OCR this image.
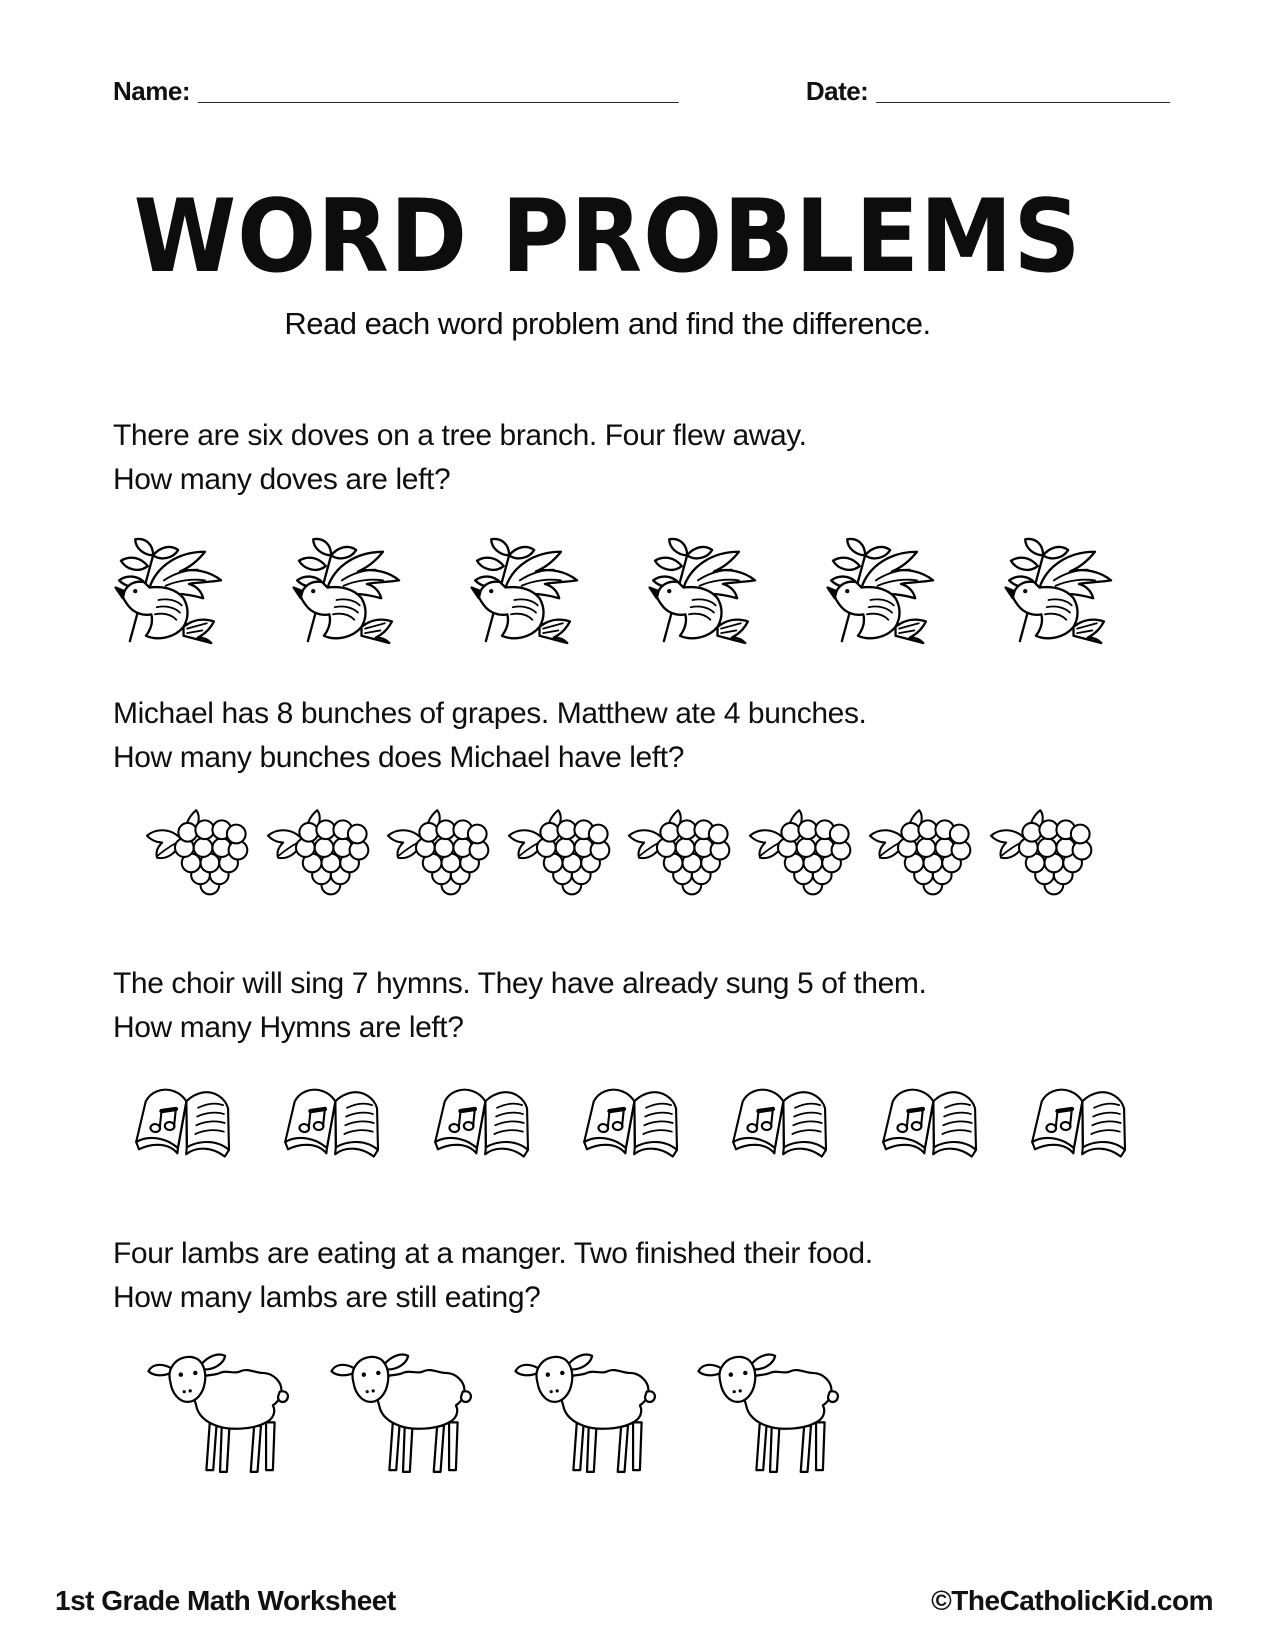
Name: ____________________________________	Date: ______________________
WORD PROBLEMS
Read each word problem and find the difference.
There are six doves on a tree branch. Four flew away.
How many doves are left?
Michael has 8 bunches of grapes. Matthew ate 4 bunches.
How many bunches does Michael have left?
The choir will sing 7 hymns. They have already sung 5 of them.
How many Hymns are left?
Four lambs are eating at a manger. Two finished their food.
How many lambs are still eating?
1st Grade Math Worksheet	©TheCatholicKid.com
